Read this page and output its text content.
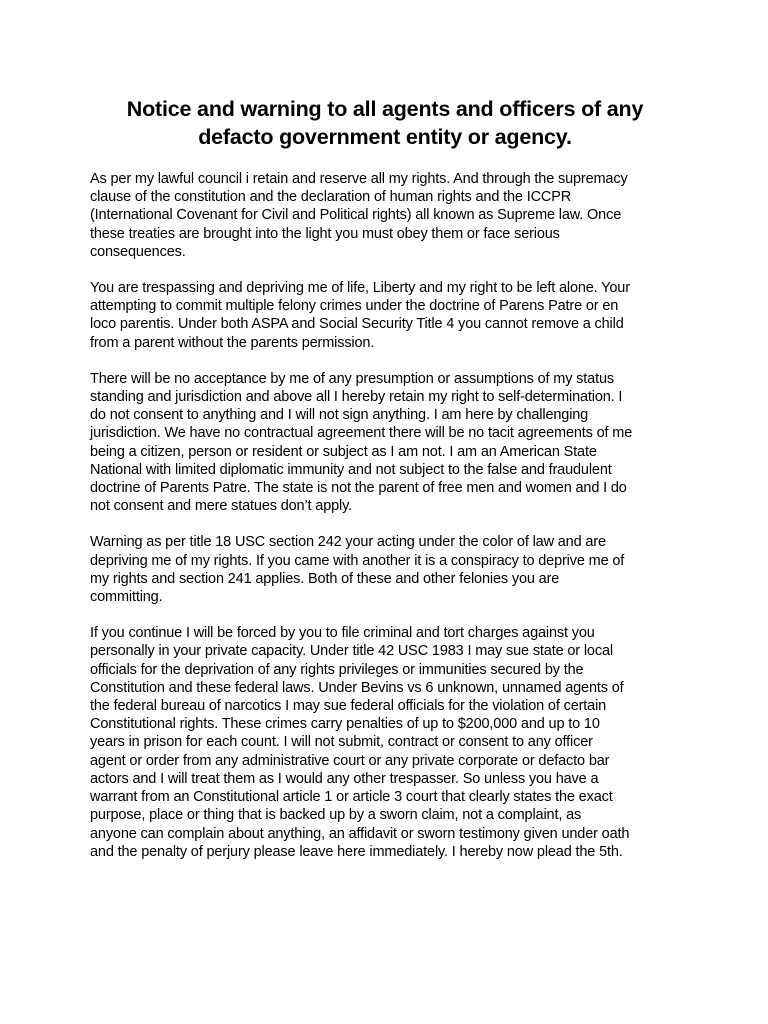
Notice and warning to all agents and officers of any
defacto government entity or agency.

As per my lawful council i retain and reserve all my rights. And through the supremacy
clause of the constitution and the declaration of human rights and the ICCPR
(International Covenant for Civil and Political rights) all known as Supreme law. Once
these treaties are brought into the light you must obey them or face serious
consequences.

You are trespassing and depriving me of life, Liberty and my right to be left alone. Your
attempting to commit multiple felony crimes under the doctrine of Parens Patre or en
loco parentis. Under both ASPA and Social Security Title 4 you cannot remove a child
from a parent without the parents permission.

There will be no acceptance by me of any presumption or assumptions of my status
standing and jurisdiction and above all I hereby retain my right to self-determination. I
do not consent to anything and I will not sign anything. I am here by challenging
jurisdiction. We have no contractual agreement there will be no tacit agreements of me
being a citizen, person or resident or subject as I am not. I am an American State
National with limited diplomatic immunity and not subject to the false and fraudulent
doctrine of Parents Patre. The state is not the parent of free men and women and I do
not consent and mere statues don’t apply.

Warning as per title 18 USC section 242 your acting under the color of law and are
depriving me of my rights. If you came with another it is a conspiracy to deprive me of
my rights and section 241 applies. Both of these and other felonies you are
committing.

If you continue I will be forced by you to file criminal and tort charges against you
personally in your private capacity. Under title 42 USC 1983 I may sue state or local
officials for the deprivation of any rights privileges or immunities secured by the
Constitution and these federal laws. Under Bevins vs 6 unknown, unnamed agents of
the federal bureau of narcotics I may sue federal officials for the violation of certain
Constitutional rights. These crimes carry penalties of up to $200,000 and up to 10
years in prison for each count. I will not submit, contract or consent to any officer
agent or order from any administrative court or any private corporate or defacto bar
actors and I will treat them as I would any other trespasser. So unless you have a
warrant from an Constitutional article 1 or article 3 court that clearly states the exact
purpose, place or thing that is backed up by a sworn claim, not a complaint, as
anyone can complain about anything, an affidavit or sworn testimony given under oath
and the penalty of perjury please leave here immediately. I hereby now plead the 5th.
